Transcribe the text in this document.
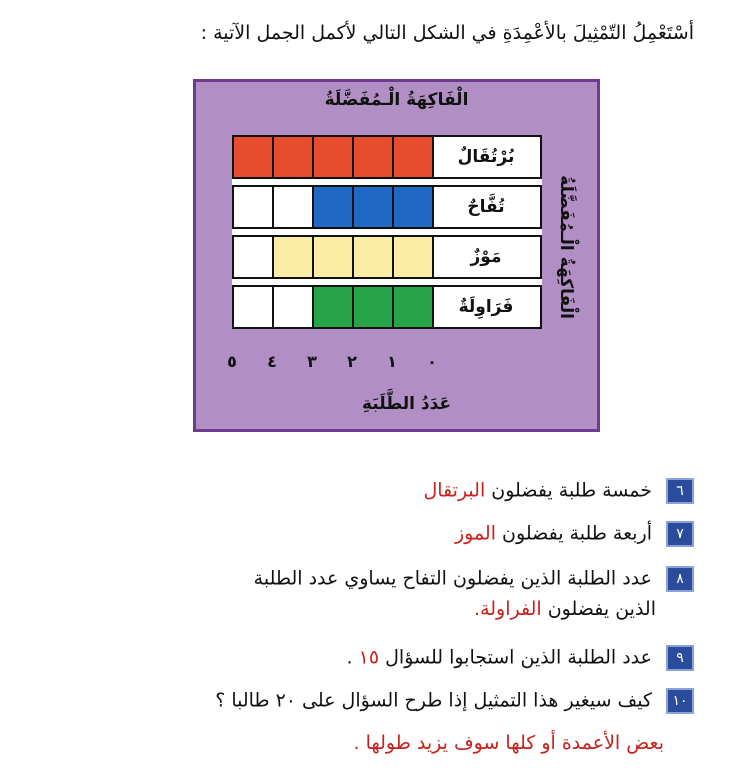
أسْتَعْمِلُ التّمْثِيلَ بالأعْمِدَةِ في الشكل التالي لأكمل الجمل الآتية :
الْفَاكِهَةُ الْـمُفَضَّلَةُ
بُرْتُقَالٌ
تُفَّاحٌ
مَوْزٌ
فَرَاوِلَةٌ	الْفَاكِهَةُ الْـمُفَضَّلَةُ
٠
١
٢
٣
٤
٥
عَدَدُ الطَّلَبَةِ
٦خمسة طلبة يفضلون البرتقال
٧أربعة طلبة يفضلون الموز
٨عدد الطلبة الذين يفضلون التفاح يساوي عدد الطلبة
الذين يفضلون الفراولة.
٩عدد الطلبة الذين استجابوا للسؤال ١٥ .
١٠كيف سيغير هذا التمثيل إذا طرح السؤال على ٢٠ طالبا ؟
بعض الأعمدة أو كلها سوف يزيد طولها .
